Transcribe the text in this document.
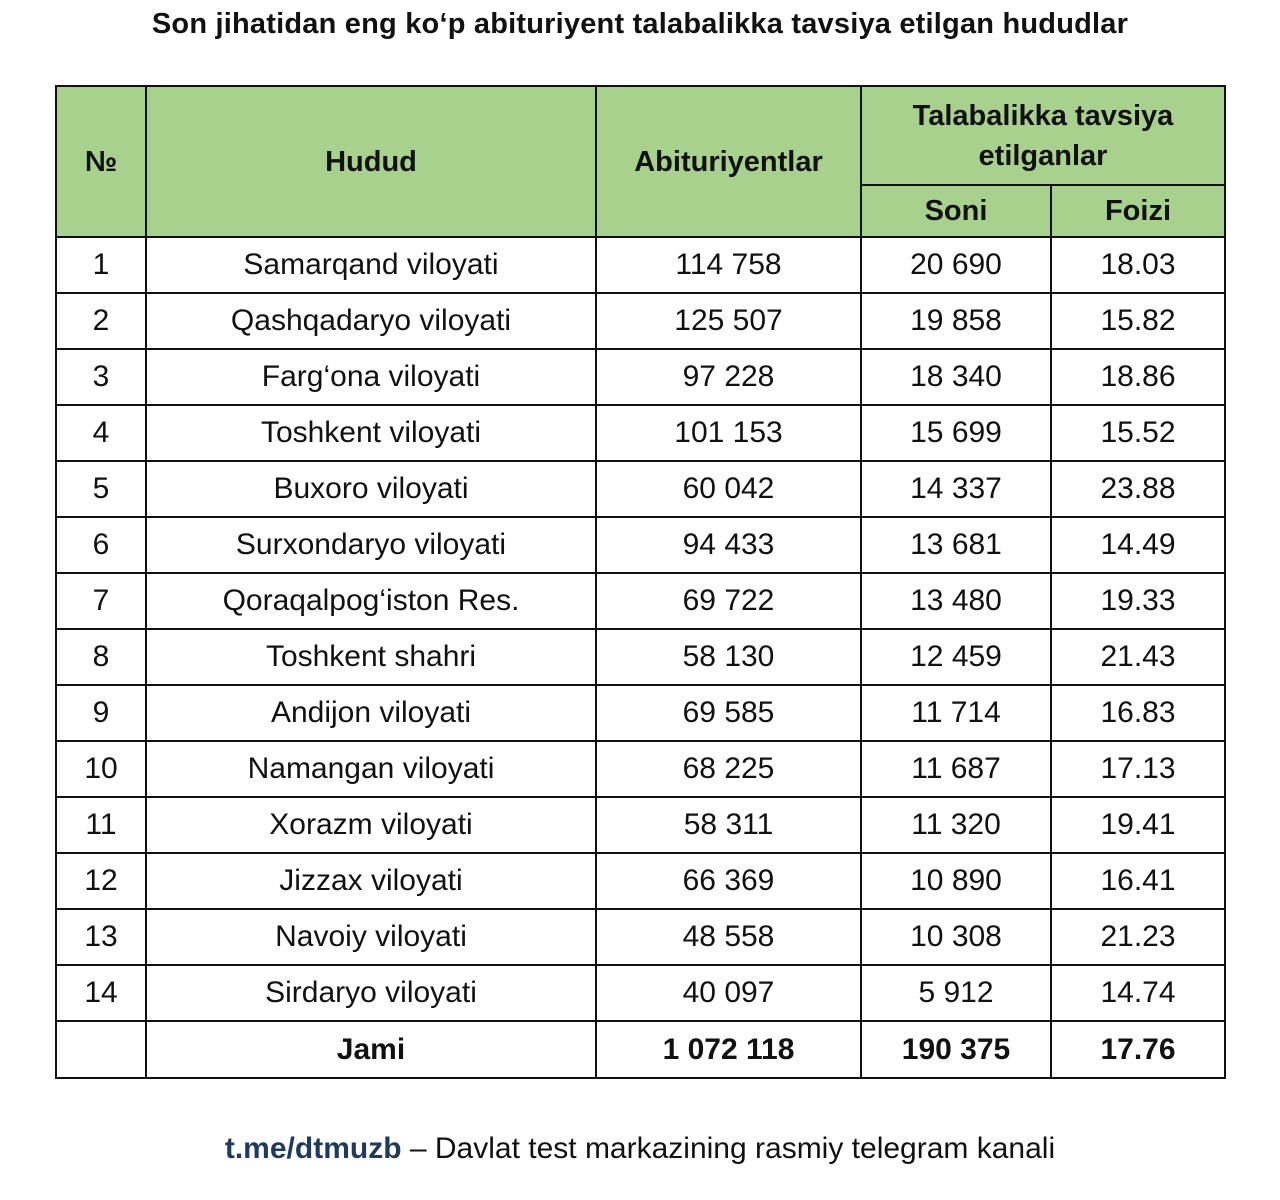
Son jihatidan eng ko‘p abituriyent talabalikka tavsiya etilgan hududlar
№	Hudud	Abituriyentlar	Talabalikka tavsiya etilganlar	
			Soni	Foizi
1	Samarqand viloyati	114 758	20 690	18.03
2	Qashqadaryo viloyati	125 507	19 858	15.82
3	Farg‘ona viloyati	97 228	18 340	18.86
4	Toshkent viloyati	101 153	15 699	15.52
5	Buxoro viloyati	60 042	14 337	23.88
6	Surxondaryo viloyati	94 433	13 681	14.49
7	Qoraqalpog‘iston Res.	69 722	13 480	19.33
8	Toshkent shahri	58 130	12 459	21.43
9	Andijon viloyati	69 585	11 714	16.83
10	Namangan viloyati	68 225	11 687	17.13
11	Xorazm viloyati	58 311	11 320	19.41
12	Jizzax viloyati	66 369	10 890	16.41
13	Navoiy viloyati	48 558	10 308	21.23
14	Sirdaryo viloyati	40 097	5 912	14.74
	Jami	1 072 118	190 375	17.76
t.me/dtmuzb – Davlat test markazining rasmiy telegram kanali
